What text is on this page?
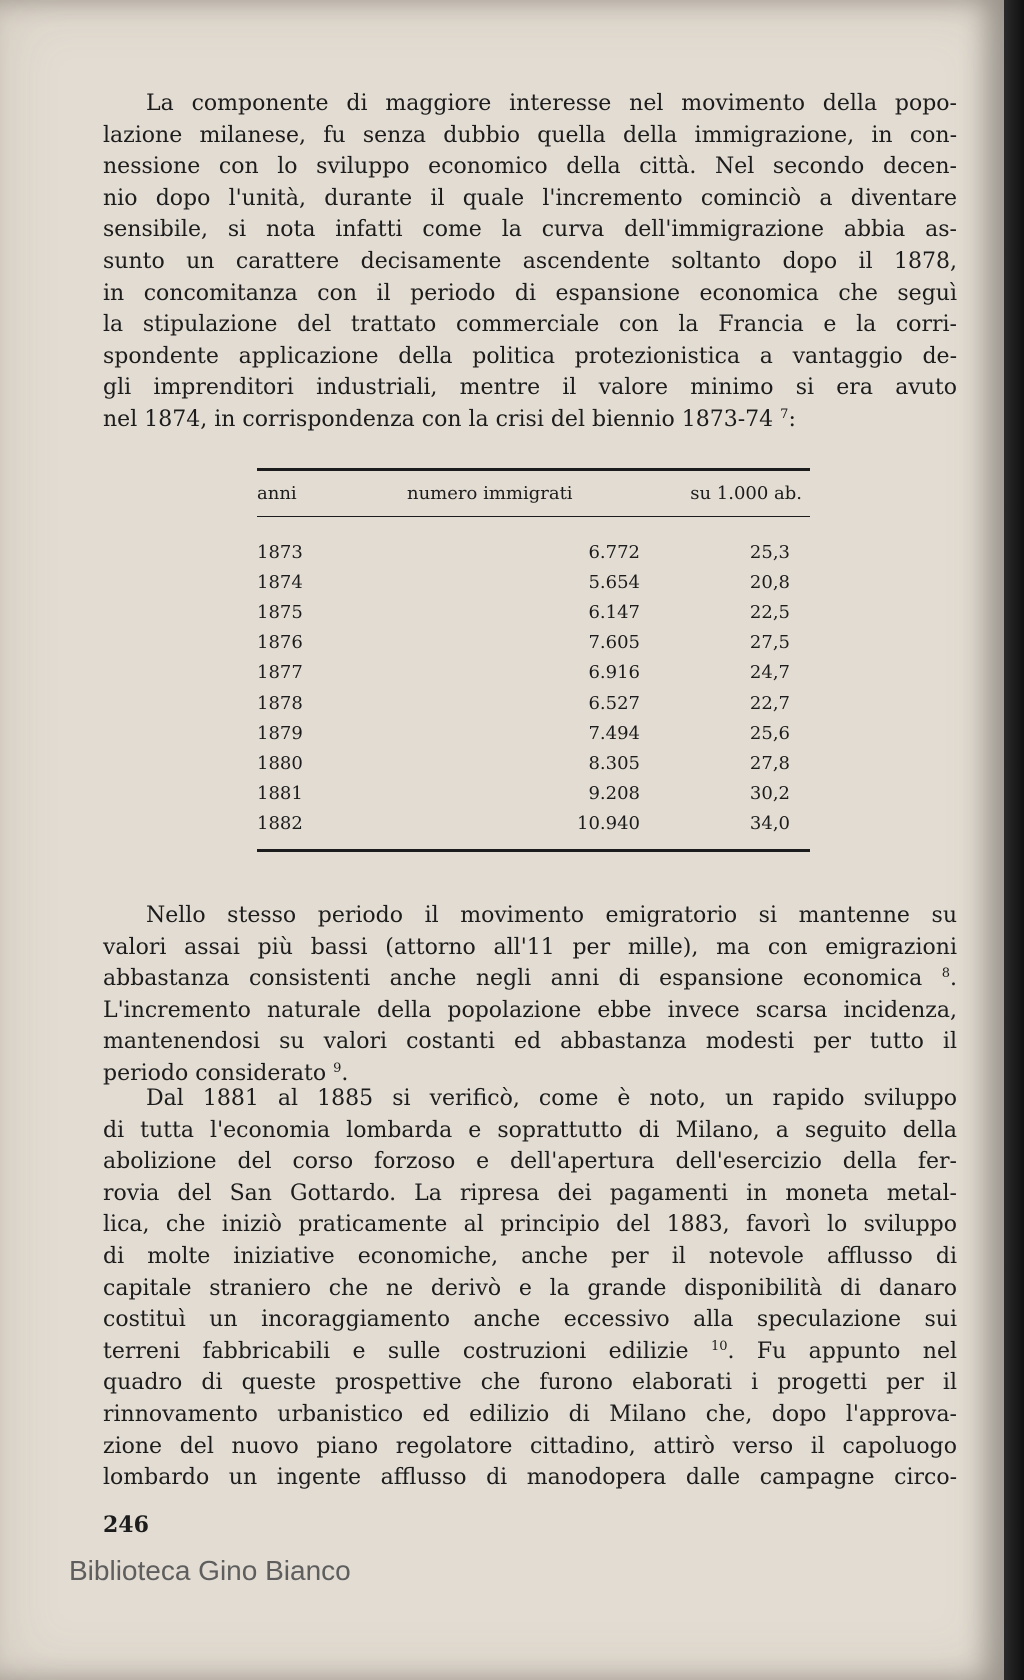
La componente di maggiore interesse nel movimento della popo-
lazione milanese, fu senza dubbio quella della immigrazione, in con-
nessione con lo sviluppo economico della città. Nel secondo decen-
nio dopo l'unità, durante il quale l'incremento cominciò a diventare
sensibile, si nota infatti come la curva dell'immigrazione abbia as-
sunto un carattere decisamente ascendente soltanto dopo il 1878,
in concomitanza con il periodo di espansione economica che seguì
la stipulazione del trattato commerciale con la Francia e la corri-
spondente applicazione della politica protezionistica a vantaggio de-
gli imprenditori industriali, mentre il valore minimo si era avuto
nel 1874, in corrispondenza con la crisi del biennio 1873-74 $^7$:
anni	numero immigrati	su 1.000 ab.
1873	6.772	25,3
1874	5.654	20,8
1875	6.147	22,5
1876	7.605	27,5
1877	6.916	24,7
1878	6.527	22,7
1879	7.494	25,6
1880	8.305	27,8
1881	9.208	30,2
1882	10.940	34,0
Nello stesso periodo il movimento emigratorio si mantenne su
valori assai più bassi (attorno all'11 per mille), ma con emigrazioni
abbastanza consistenti anche negli anni di espansione economica $^8$.
L'incremento naturale della popolazione ebbe invece scarsa incidenza,
mantenendosi su valori costanti ed abbastanza modesti per tutto il
periodo considerato $^9$.
Dal 1881 al 1885 si verificò, come è noto, un rapido sviluppo
di tutta l'economia lombarda e soprattutto di Milano, a seguito della
abolizione del corso forzoso e dell'apertura dell'esercizio della fer-
rovia del San Gottardo. La ripresa dei pagamenti in moneta metal-
lica, che iniziò praticamente al principio del 1883, favorì lo sviluppo
di molte iniziative economiche, anche per il notevole afflusso di
capitale straniero che ne derivò e la grande disponibilità di danaro
costituì un incoraggiamento anche eccessivo alla speculazione sui
terreni fabbricabili e sulle costruzioni edilizie $^{10}$. Fu appunto nel
quadro di queste prospettive che furono elaborati i progetti per il
rinnovamento urbanistico ed edilizio di Milano che, dopo l'approva-
zione del nuovo piano regolatore cittadino, attirò verso il capoluogo
lombardo un ingente afflusso di manodopera dalle campagne circo-
246
Biblioteca Gino Bianco
